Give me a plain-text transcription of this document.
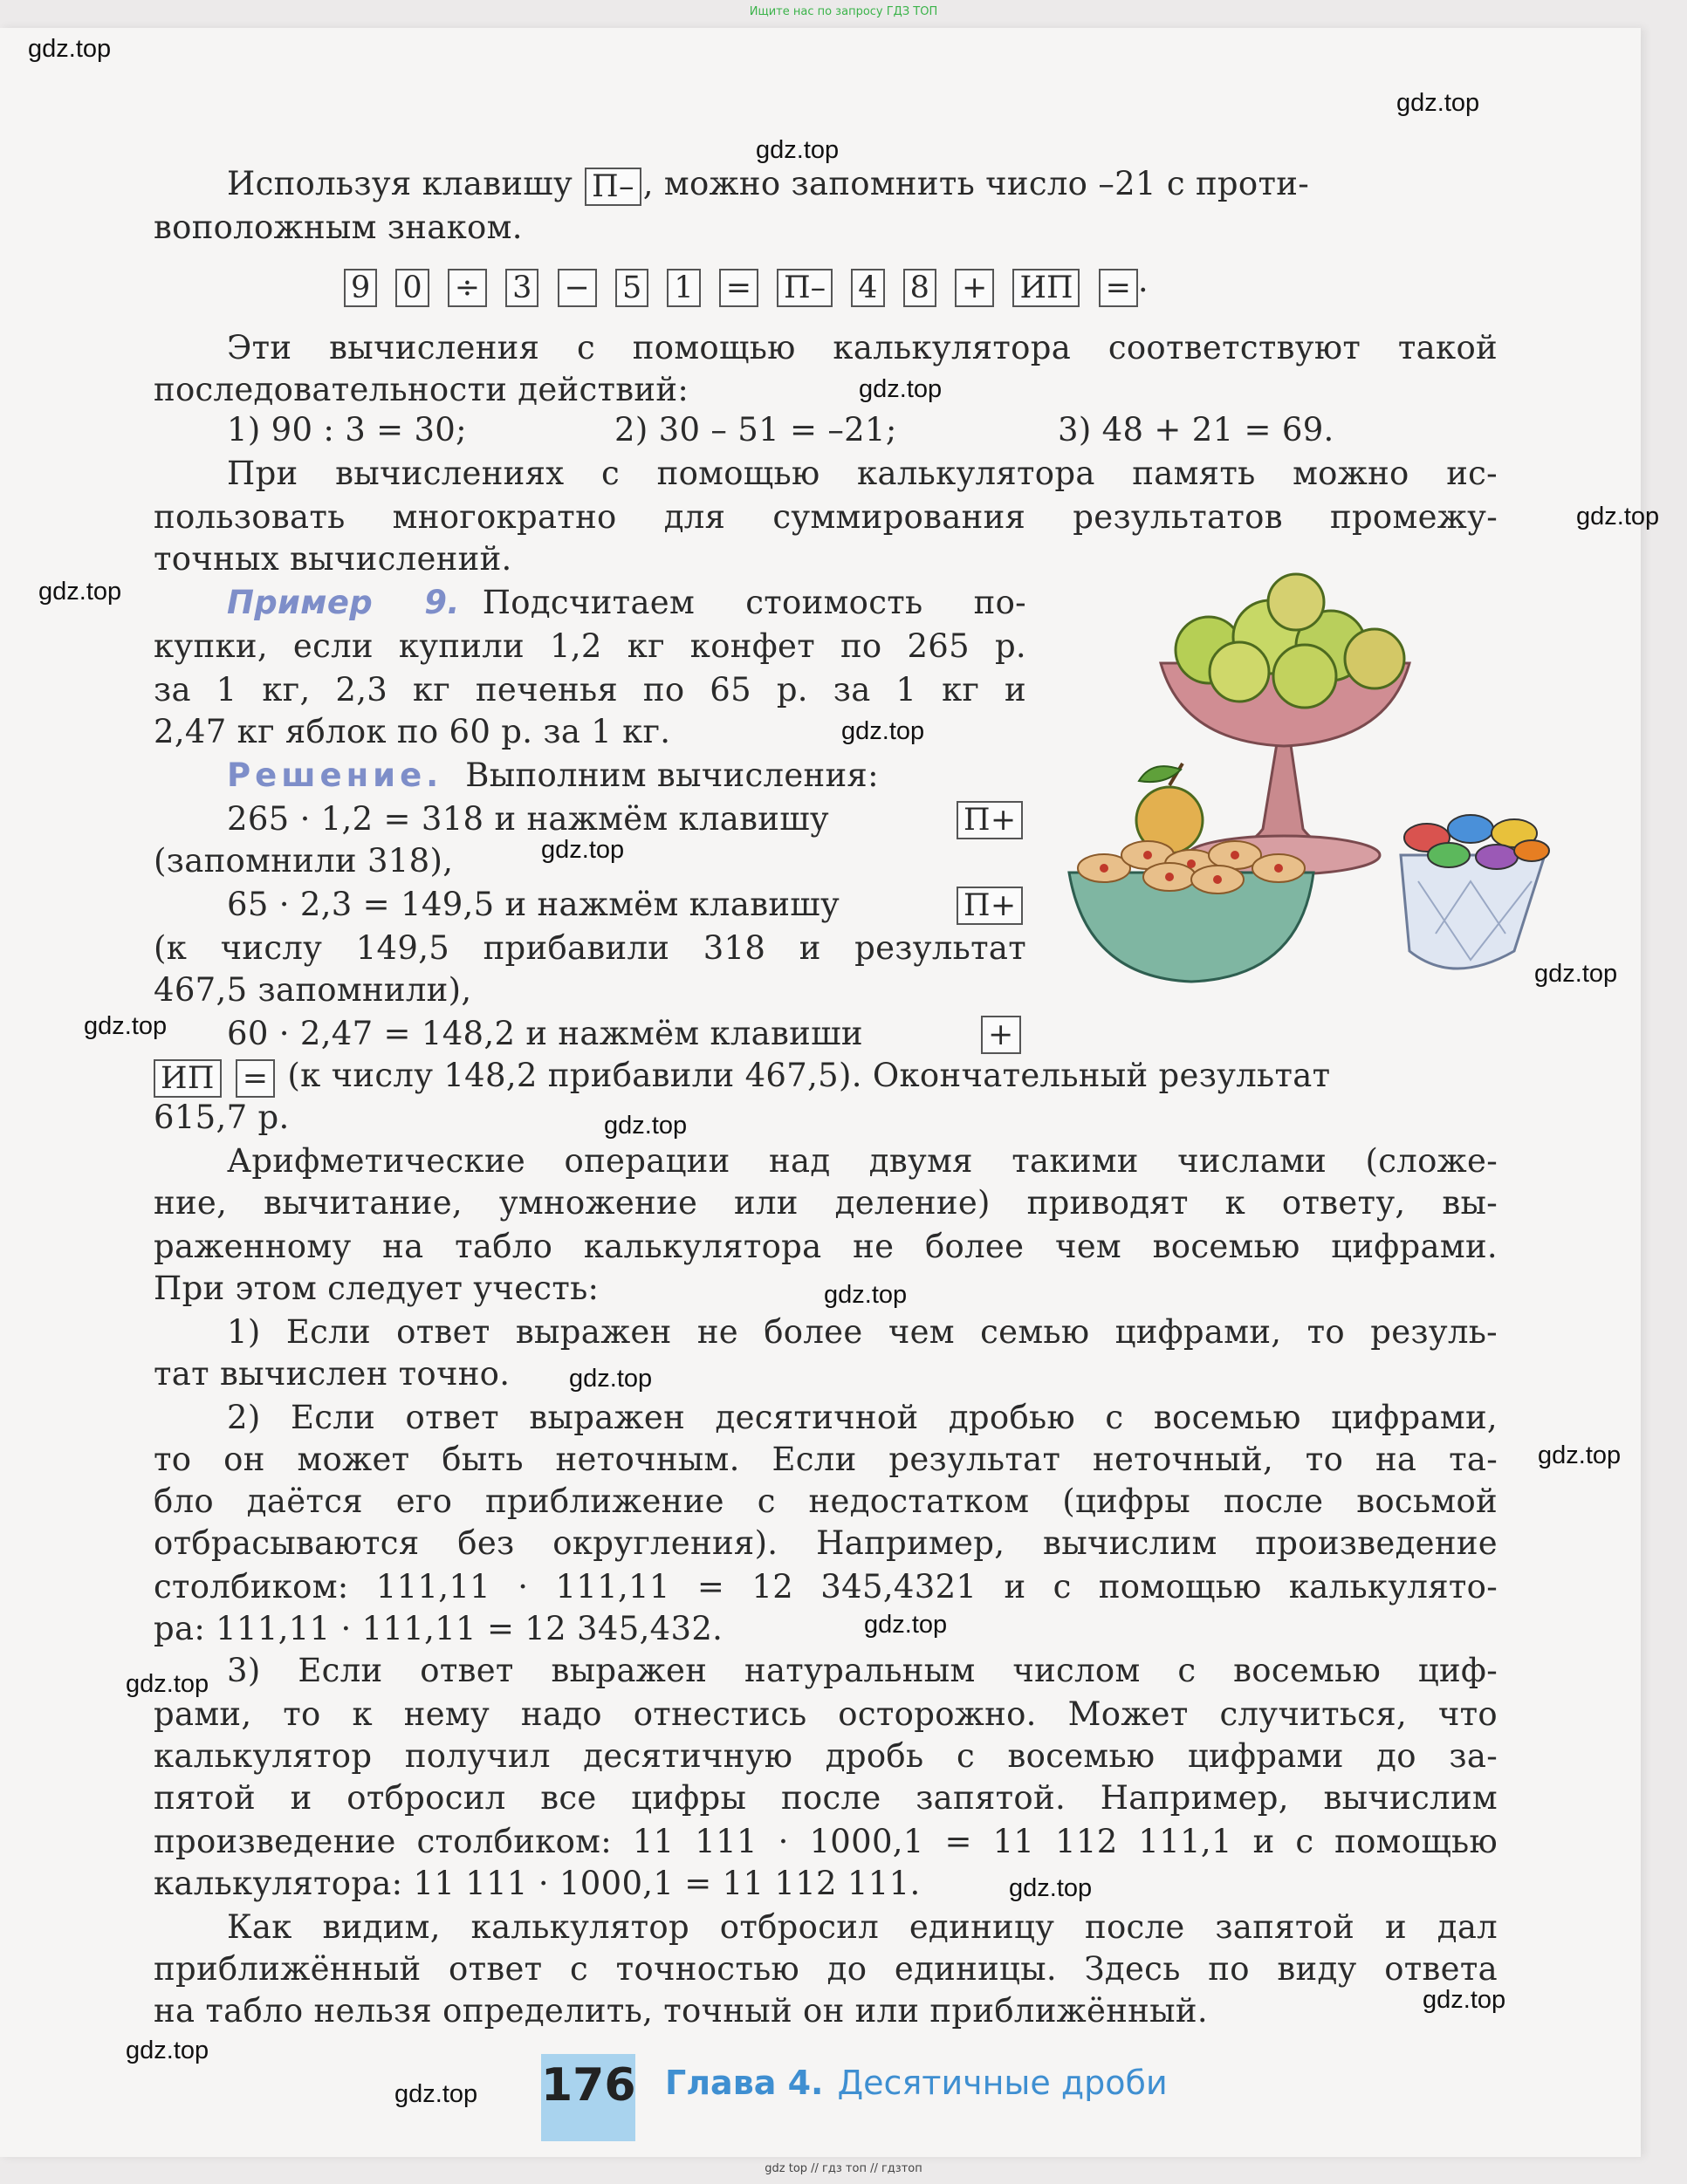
Ищите нас по запросу ГДЗ ТОП
gdz.top
gdz.top
gdz.top
gdz.top
gdz.top
gdz.top
gdz.top
gdz.top
gdz.top
gdz.top
gdz.top
gdz.top
gdz.top
gdz.top
gdz.top
gdz.top
gdz.top
gdz.top
gdz.top
gdz.top
Используя клавишу П– , можно запомнить число –21 с проти-
воположным знаком.
9 0 ÷ 3 − 5 1 = П– 4 8 + ИП = .
Эти вычисления с помощью калькулятора соответствуют такой
последовательности действий:
1) 90 : 3 = 30;	2) 30 – 51 = –21;	3) 48 + 21 = 69.
При вычислениях с помощью калькулятора память можно ис-
пользовать многократно для суммирования результатов промежу-
точных вычислений.
Пример 9. Подсчитаем стоимость по-
купки, если купили 1,2 кг конфет по 265 р.
за 1 кг, 2,3 кг печенья по 65 р. за 1 кг и
2,47 кг яблок по 60 р. за 1 кг.
Решение. Выполним вычисления:
265 · 1,2 = 318 и нажмём клавишу	П+
(запомнили 318),
65 · 2,3 = 149,5 и нажмём клавишу	П+
(к числу 149,5 прибавили 318 и результат
467,5 запомнили),
60 · 2,47 = 148,2 и нажмём клавиши	+
ИП = (к числу 148,2 прибавили 467,5). Окончательный результат
615,7 р.
Арифметические операции над двумя такими числами (сложе-
ние, вычитание, умножение или деление) приводят к ответу, вы-
раженному на табло калькулятора не более чем восемью цифрами.
При этом следует учесть:
1) Если ответ выражен не более чем семью цифрами, то резуль-
тат вычислен точно.
2) Если ответ выражен десятичной дробью с восемью цифрами,
то он может быть неточным. Если результат неточный, то на та-
бло даётся его приближение с недостатком (цифры после восьмой
отбрасываются без округления). Например, вычислим произведение
столбиком: 111,11 · 111,11 = 12 345,4321 и с помощью калькулято-
ра: 111,11 · 111,11 = 12 345,432.
3) Если ответ выражен натуральным числом с восемью циф-
рами, то к нему надо отнестись осторожно. Может случиться, что
калькулятор получил десятичную дробь с восемью цифрами до за-
пятой и отбросил все цифры после запятой. Например, вычислим
произведение столбиком: 11 111 · 1000,1 = 11 112 111,1 и с помощью
калькулятора: 11 111 · 1000,1 = 11 112 111.
Как видим, калькулятор отбросил единицу после запятой и дал
приближённый ответ с точностью до единицы. Здесь по виду ответа
на табло нельзя определить, точный он или приближённый.
176 Глава 4. Десятичные дроби
gdz top // гдз топ // гдзтоп
